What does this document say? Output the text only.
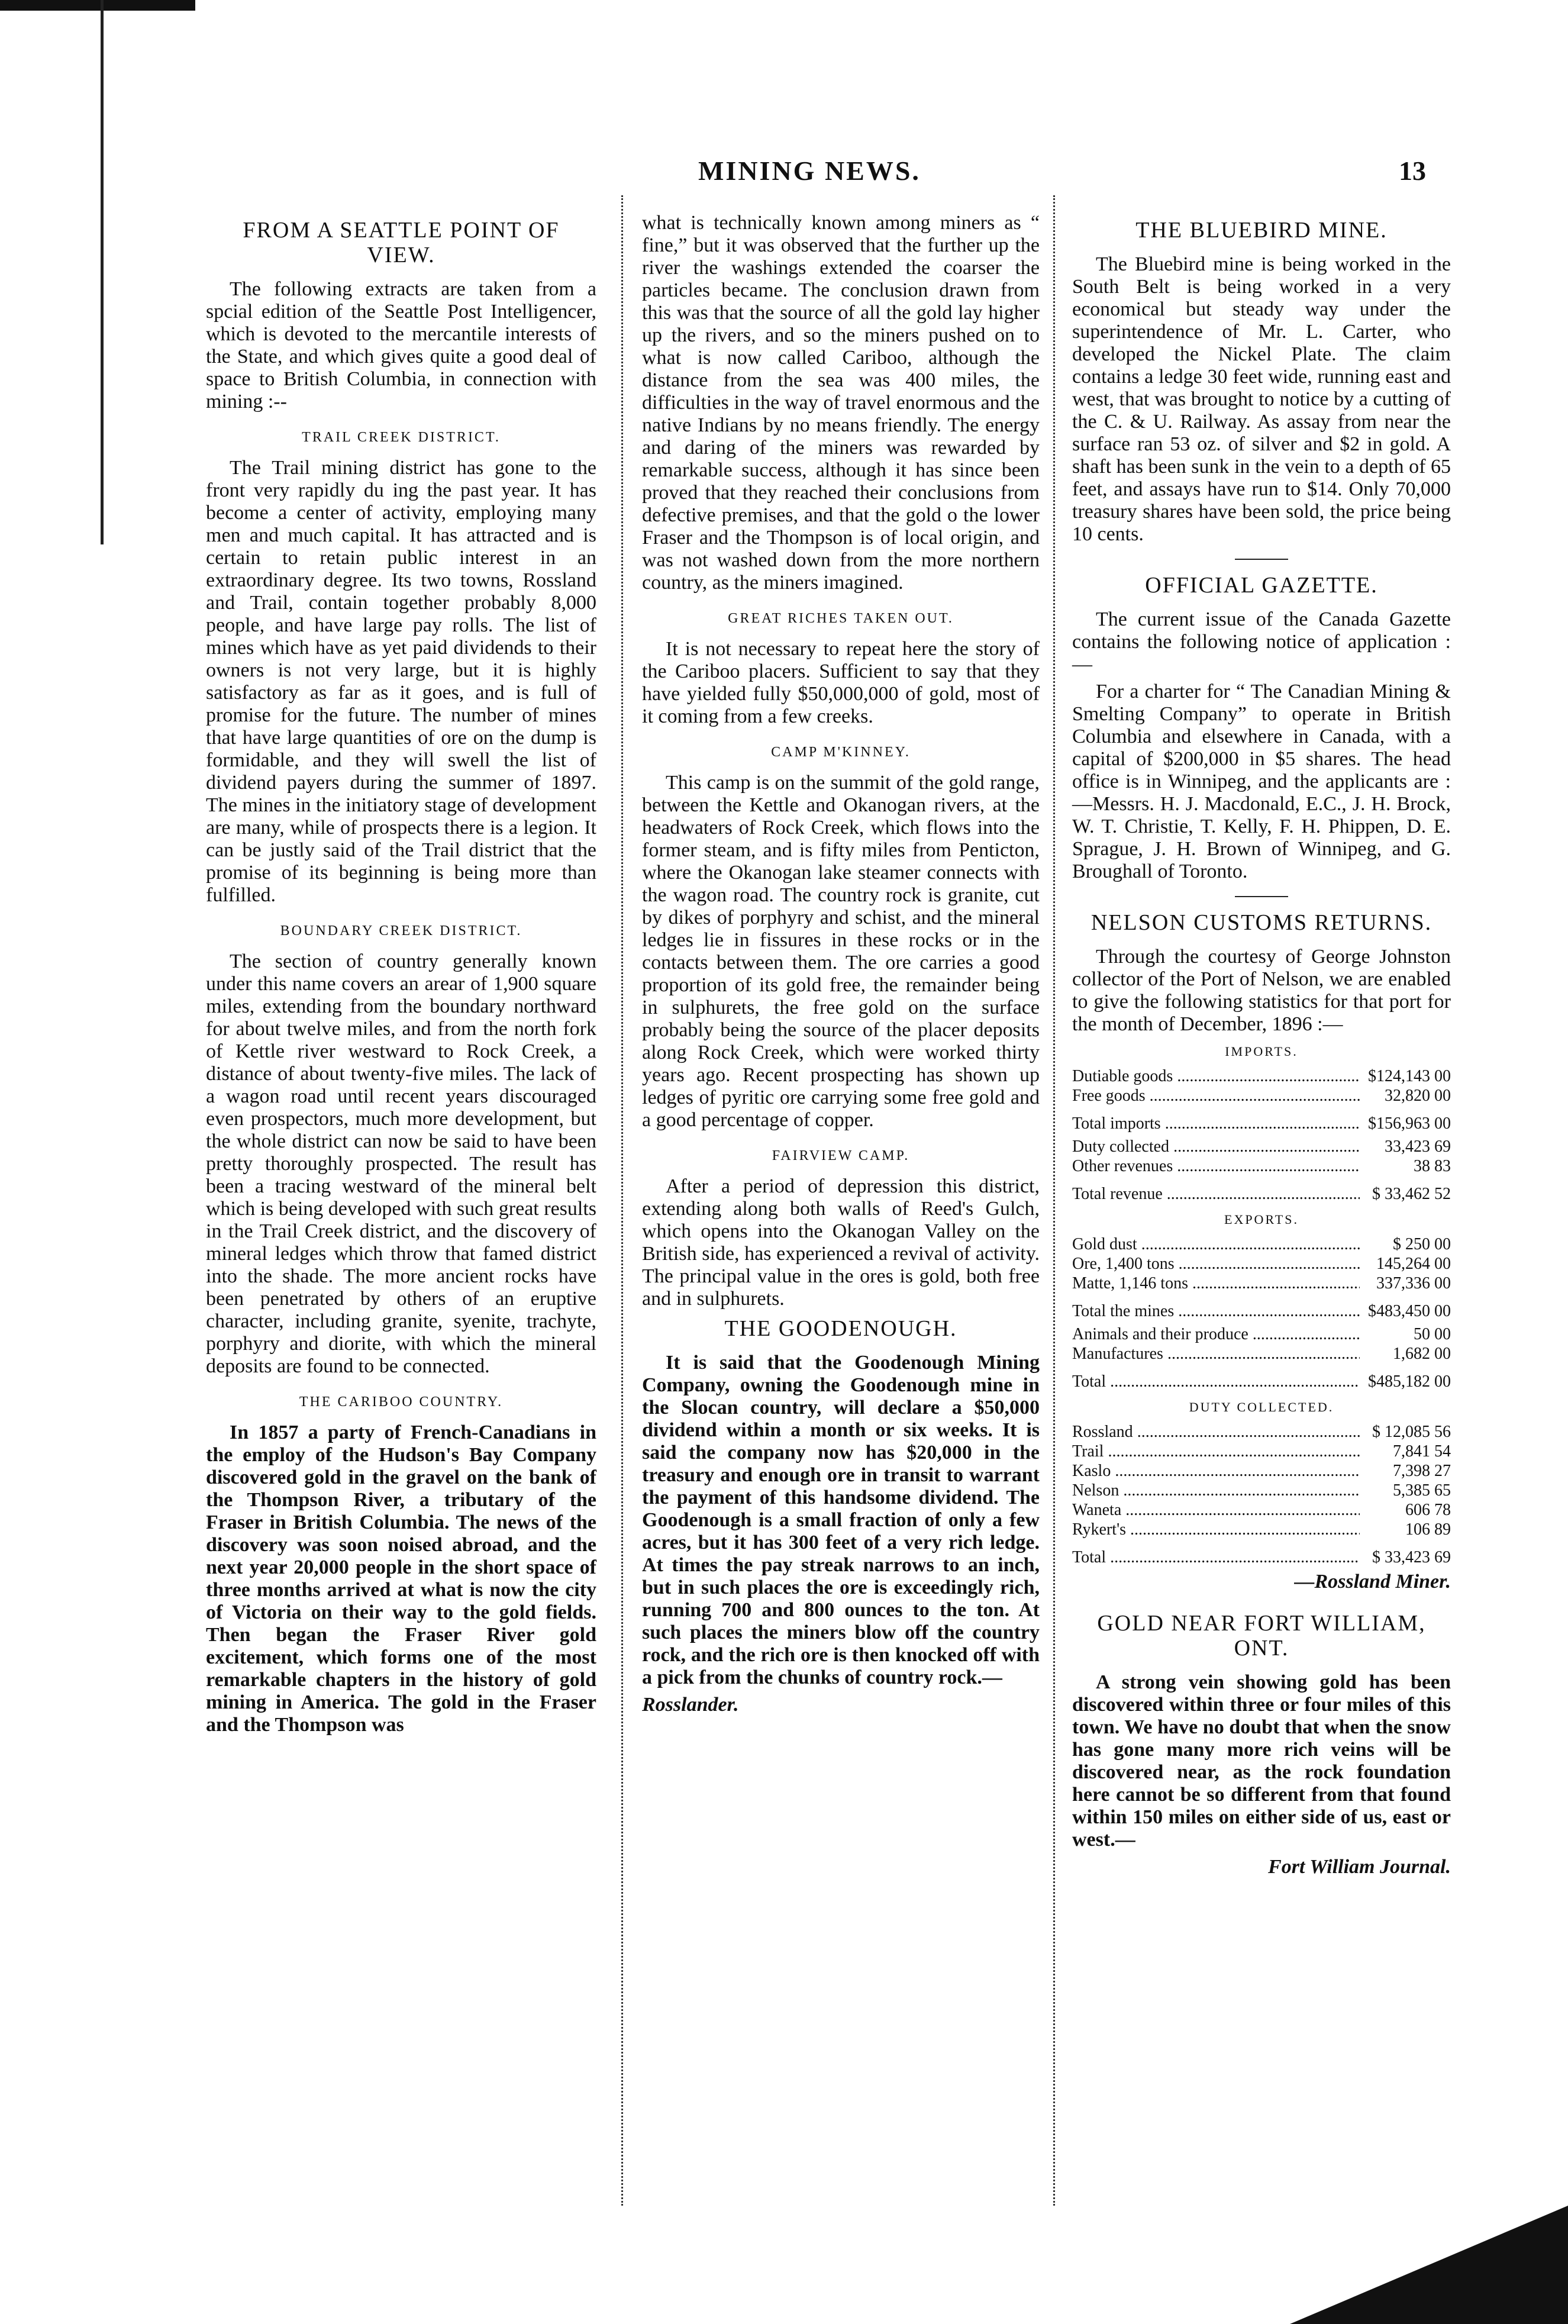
MINING NEWS.	13
FROM A SEATTLE POINT OF VIEW.

The following extracts are taken from a spcial edition of the Seattle Post Intelligencer, which is devoted to the mercantile interests of the State, and which gives quite a good deal of space to British Columbia, in connection with mining :--

TRAIL CREEK DISTRICT.

The Trail mining district has gone to the front very rapidly du ing the past year. It has become a center of activity, employing many men and much capital. It has attracted and is certain to retain public interest in an extraordinary degree. Its two towns, Rossland and Trail, contain together probably 8,000 people, and have large pay rolls. The list of mines which have as yet paid dividends to their owners is not very large, but it is highly satisfactory as far as it goes, and is full of promise for the future. The number of mines that have large quantities of ore on the dump is formidable, and they will swell the list of dividend payers during the summer of 1897. The mines in the initiatory stage of development are many, while of prospects there is a legion. It can be justly said of the Trail district that the promise of its beginning is being more than fulfilled.

BOUNDARY CREEK DISTRICT.

The section of country generally known under this name covers an arear of 1,900 square miles, extending from the boundary northward for about twelve miles, and from the north fork of Kettle river westward to Rock Creek, a distance of about twenty-five miles. The lack of a wagon road until recent years discouraged even prospectors, much more development, but the whole district can now be said to have been pretty thoroughly prospected. The result has been a tracing westward of the mineral belt which is being developed with such great results in the Trail Creek district, and the discovery of mineral ledges which throw that famed district into the shade. The more ancient rocks have been penetrated by others of an eruptive character, including granite, syenite, trachyte, porphyry and diorite, with which the mineral deposits are found to be connected.

THE CARIBOO COUNTRY.

In 1857 a party of French-Canadians in the employ of the Hudson's Bay Company discovered gold in the gravel on the bank of the Thompson River, a tributary of the Fraser in British Columbia. The news of the discovery was soon noised abroad, and the next year 20,000 people in the short space of three months arrived at what is now the city of Victoria on their way to the gold fields. Then began the Fraser River gold excitement, which forms one of the most remarkable chapters in the history of gold mining in America. The gold in the Fraser and the Thompson was

what is technically known among miners as “ fine,” but it was observed that the further up the river the washings extended the coarser the particles became. The conclusion drawn from this was that the source of all the gold lay higher up the rivers, and so the miners pushed on to what is now called Cariboo, although the distance from the sea was 400 miles, the difficulties in the way of travel enormous and the native Indians by no means friendly. The energy and daring of the miners was rewarded by remarkable success, although it has since been proved that they reached their conclusions from defective premises, and that the gold o the lower Fraser and the Thompson is of local origin, and was not washed down from the more northern country, as the miners imagined.

GREAT RICHES TAKEN OUT.

It is not necessary to repeat here the story of the Cariboo placers. Sufficient to say that they have yielded fully $50,000,000 of gold, most of it coming from a few creeks.

CAMP M'KINNEY.

This camp is on the summit of the gold range, between the Kettle and Okanogan rivers, at the headwaters of Rock Creek, which flows into the former steam, and is fifty miles from Penticton, where the Okanogan lake steamer connects with the wagon road. The country rock is granite, cut by dikes of porphyry and schist, and the mineral ledges lie in fissures in these rocks or in the contacts between them. The ore carries a good proportion of its gold free, the remainder being in sulphurets, the free gold on the surface probably being the source of the placer deposits along Rock Creek, which were worked thirty years ago. Recent prospecting has shown up ledges of pyritic ore carrying some free gold and a good percentage of copper.

FAIRVIEW CAMP.

After a period of depression this district, extending along both walls of Reed's Gulch, which opens into the Okanogan Valley on the British side, has experienced a revival of activity. The principal value in the ores is gold, both free and in sulphurets.

THE GOODENOUGH.

It is said that the Goodenough Mining Company, owning the Goodenough mine in the Slocan country, will declare a $50,000 dividend within a month or six weeks. It is said the company now has $20,000 in the treasury and enough ore in transit to warrant the payment of this handsome dividend. The Goodenough is a small fraction of only a few acres, but it has 300 feet of a very rich ledge. At times the pay streak narrows to an inch, but in such places the ore is exceedingly rich, running 700 and 800 ounces to the ton. At such places the miners blow off the country rock, and the rich ore is then knocked off with a pick from the chunks of country rock.—

Rosslander.
THE BLUEBIRD MINE.

The Bluebird mine is being worked in the South Belt is being worked in a very economical but steady way under the superintendence of Mr. L. Carter, who developed the Nickel Plate. The claim contains a ledge 30 feet wide, running east and west, that was brought to notice by a cutting of the C. & U. Railway. As assay from near the surface ran 53 oz. of silver and $2 in gold. A shaft has been sunk in the vein to a depth of 65 feet, and assays have run to $14. Only 70,000 treasury shares have been sold, the price being 10 cents.

OFFICIAL GAZETTE.

The current issue of the Canada Gazette contains the following notice of application :—

For a charter for “ The Canadian Mining & Smelting Company” to operate in British Columbia and elsewhere in Canada, with a capital of $200,000 in $5 shares. The head office is in Winnipeg, and the applicants are :—Messrs. H. J. Macdonald, E.C., J. H. Brock, W. T. Christie, T. Kelly, F. H. Phippen, D. E. Sprague, J. H. Brown of Winnipeg, and G. Broughall of Toronto.

NELSON CUSTOMS RETURNS.

Through the courtesy of George Johnston collector of the Port of Nelson, we are enabled to give the following statistics for that port for the month of December, 1896 :—

IMPORTS.
Dutiable goods .....	$124,143 00
Free goods .....	32,820 00
Total imports .....	$156,963 00
Duty collected .....	33,423 69
Other revenues .....	38 83
Total revenue .....	$ 33,462 52
EXPORTS.
Gold dust .....	$ 250 00
Ore, 1,400 tons .....	145,264 00
Matte, 1,146 tons .....	337,336 00
Total the mines .....	$483,450 00
Animals and their produce .....	50 00
Manufactures .....	1,682 00
Total .....	$485,182 00
DUTY COLLECTED.
Rossland .....	$ 12,085 56
Trail .....	7,841 54
Kaslo .....	7,398 27
Nelson .....	5,385 65
Waneta .....	606 78
Rykert's .....	106 89
Total .....	$ 33,423 69
—Rossland Miner.
GOLD NEAR FORT WILLIAM, ONT.

A strong vein showing gold has been discovered within three or four miles of this town. We have no doubt that when the snow has gone many more rich veins will be discovered near, as the rock foundation here cannot be so different from that found within 150 miles on either side of us, east or west.—

Fort William Journal.
